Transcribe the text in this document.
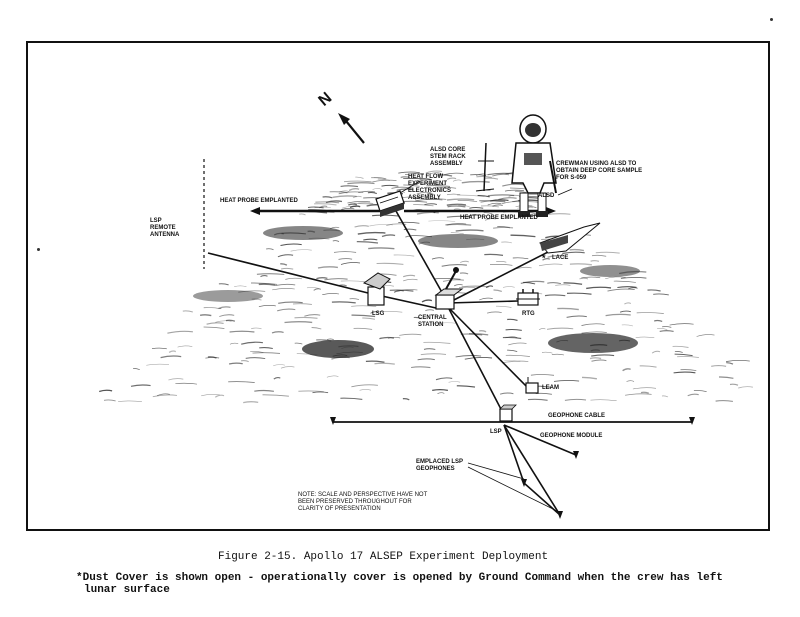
N
ALSD CORE
STEM RACK
ASSEMBLY	CREWMAN USING ALSD TO
OBTAIN DEEP CORE SAMPLE
FOR S-059
ALSD
HEAT FLOW
EXPERIMENT
ELECTRONICS
ASSEMBLY
HEAT PROBE EMPLANTED
HEAT PROBE EMPLANTED
LSP
REMOTE
ANTENNA
* LACE
LSG
CENTRAL
STATION
RTG
LEAM
GEOPHONE CABLE
LSP
GEOPHONE MODULE
EMPLACED LSP
GEOPHONES
NOTE: SCALE AND PERSPECTIVE HAVE NOT
BEEN PRESERVED THROUGHOUT FOR
CLARITY OF PRESENTATION
Figure 2-15. Apollo 17 ALSEP Experiment Deployment
*Dust Cover is shown open - operationally cover is opened by Ground Command when the crew has left
lunar surface
